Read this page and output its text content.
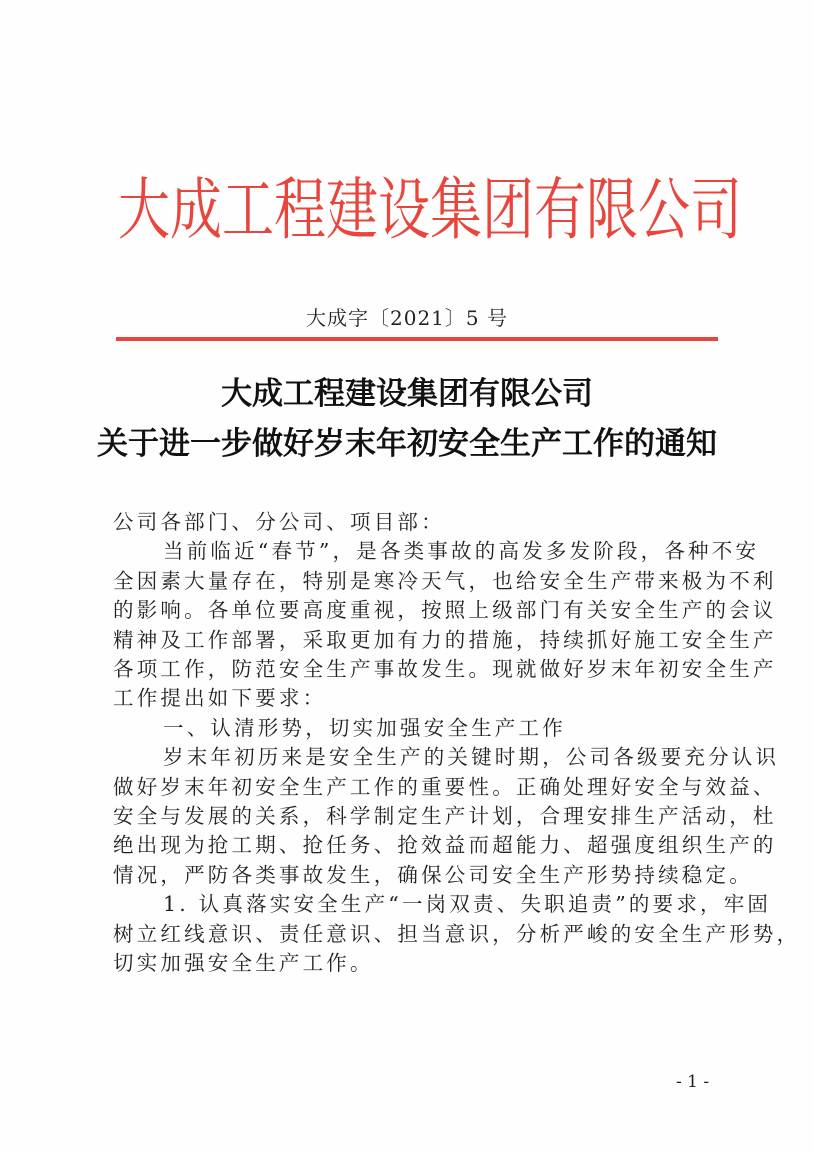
大成工程建设集团有限公司
大成字〔2021〕5 号
大成工程建设集团有限公司
关于进一步做好岁末年初安全生产工作的通知

公司各部门、分公司、项目部：

当前临近“春节”，是各类事故的高发多发阶段，各种不安
全因素大量存在，特别是寒冷天气，也给安全生产带来极为不利
的影响。各单位要高度重视，按照上级部门有关安全生产的会议
精神及工作部署，采取更加有力的措施，持续抓好施工安全生产
各项工作，防范安全生产事故发生。现就做好岁末年初安全生产
工作提出如下要求：

一、认清形势，切实加强安全生产工作

岁末年初历来是安全生产的关键时期，公司各级要充分认识
做好岁末年初安全生产工作的重要性。正确处理好安全与效益、
安全与发展的关系，科学制定生产计划，合理安排生产活动，杜
绝出现为抢工期、抢任务、抢效益而超能力、超强度组织生产的
情况，严防各类事故发生，确保公司安全生产形势持续稳定。

1. 认真落实安全生产“一岗双责、失职追责”的要求，牢固
树立红线意识、责任意识、担当意识，分析严峻的安全生产形势，
切实加强安全生产工作。

- 1 -
